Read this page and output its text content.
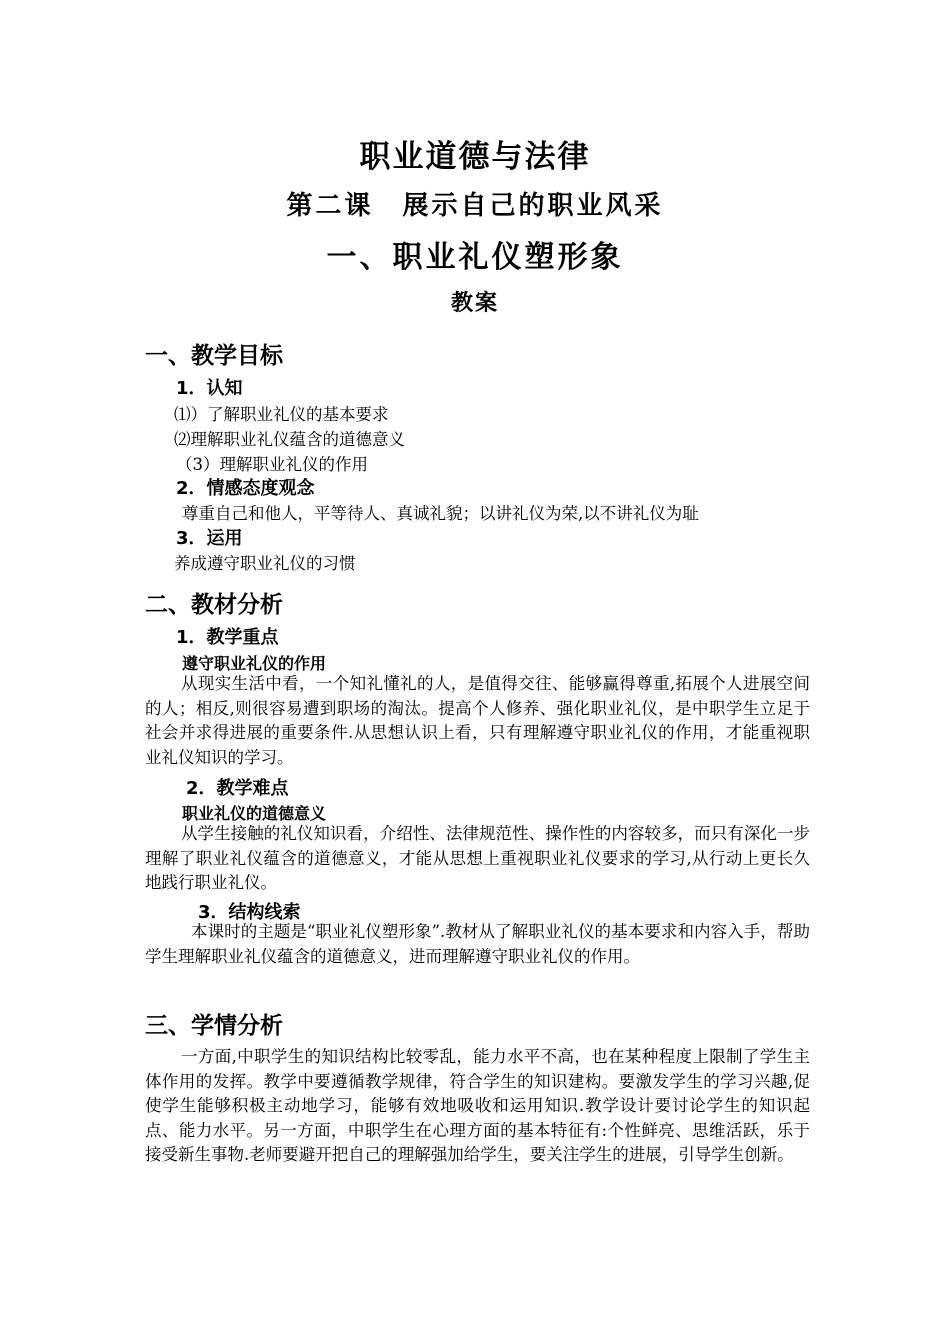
职业道德与法律
第二课　展示自己的职业风采
一、职业礼仪塑形象
教案
一、教学目标
1．认知
⑴）了解职业礼仪的基本要求
⑵理解职业礼仪蕴含的道德意义
（3）理解职业礼仪的作用
2．情感态度观念
尊重自己和他人，平等待人、真诚礼貌；以讲礼仪为荣,以不讲礼仪为耻
3．运用
养成遵守职业礼仪的习惯
二、教材分析
1．教学重点
遵守职业礼仪的作用

从现实生活中看，一个知礼懂礼的人，是值得交往、能够赢得尊重,拓展个人进展空间的人；相反,则很容易遭到职场的淘汰。提高个人修养、强化职业礼仪，是中职学生立足于社会并求得进展的重要条件.从思想认识上看，只有理解遵守职业礼仪的作用，才能重视职业礼仪知识的学习。

2．教学难点
职业礼仪的道德意义

从学生接触的礼仪知识看，介绍性、法律规范性、操作性的内容较多，而只有深化一步理解了职业礼仪蕴含的道德意义，才能从思想上重视职业礼仪要求的学习,从行动上更长久地践行职业礼仪。

3．结构线索

本课时的主题是“职业礼仪塑形象”.教材从了解职业礼仪的基本要求和内容入手，帮助学生理解职业礼仪蕴含的道德意义，进而理解遵守职业礼仪的作用。

三、学情分析

一方面,中职学生的知识结构比较零乱，能力水平不高，也在某种程度上限制了学生主体作用的发挥。教学中要遵循教学规律，符合学生的知识建构。要激发学生的学习兴趣,促使学生能够积极主动地学习，能够有效地吸收和运用知识.教学设计要讨论学生的知识起点、能力水平。另一方面，中职学生在心理方面的基本特征有:个性鲜亮、思维活跃，乐于接受新生事物.老师要避开把自己的理解强加给学生，要关注学生的进展，引导学生创新。
